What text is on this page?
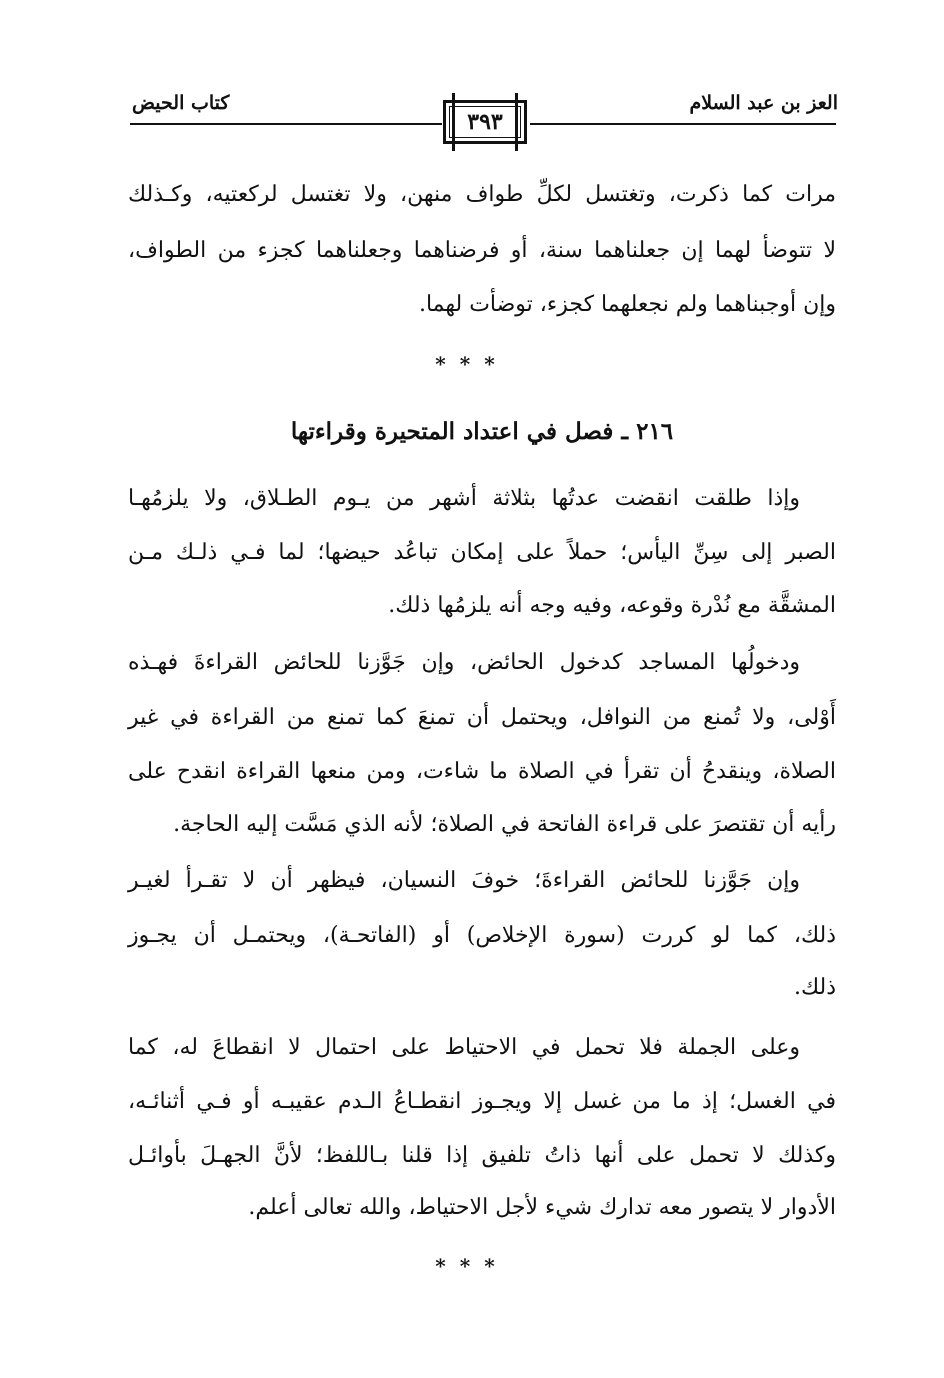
العز بن عبد السلام
كتاب الحيض
٣٩٣
مرات كما ذكرت، وتغتسل لكلِّ طواف منهن، ولا تغتسل لركعتيه، وكـذلك
لا تتوضأ لهما إن جعلناهما سنة، أو فرضناهما وجعلناهما كجزء من الطواف،
وإن أوجبناهما ولم نجعلهما كجزء، توضأت لهما.
***
٢١٦ ـ فصل في اعتداد المتحيرة وقراءتها
وإذا طلقت انقضت عدتُها بثلاثة أشهر من يـوم الطـلاق، ولا يلزمُهـا
الصبر إلى سِنِّ اليأس؛ حملاً على إمكان تباعُد حيضها؛ لما فـي ذلـك مـن
المشقَّة مع نُدْرة وقوعه، وفيه وجه أنه يلزمُها ذلك.
ودخولُها المساجد كدخول الحائض، وإن جَوَّزنا للحائض القراءةَ فهـذه
أَوْلى، ولا تُمنع من النوافل، ويحتمل أن تمنعَ كما تمنع من القراءة في غير
الصلاة، وينقدحُ أن تقرأ في الصلاة ما شاءت، ومن منعها القراءة انقدح على
رأيه أن تقتصرَ على قراءة الفاتحة في الصلاة؛ لأنه الذي مَسَّت إليه الحاجة.
وإن جَوَّزنا للحائض القراءةَ؛ خوفَ النسيان، فيظهر أن لا تقـرأ لغيـر
ذلك، كما لو كررت (سورة الإخلاص) أو (الفاتحـة)، ويحتمـل أن يجـوز
ذلك.
وعلى الجملة فلا تحمل في الاحتياط على احتمال لا انقطاعَ له، كما
في الغسل؛ إذ ما من غسل إلا ويجـوز انقطـاعُ الـدم عقيبـه أو فـي أثنائـه،
وكذلك لا تحمل على أنها ذاتُ تلفيق إذا قلنا بـاللفظ؛ لأنَّ الجهـلَ بأوائـل
الأدوار لا يتصور معه تدارك شيء لأجل الاحتياط، والله تعالى أعلم.
***
